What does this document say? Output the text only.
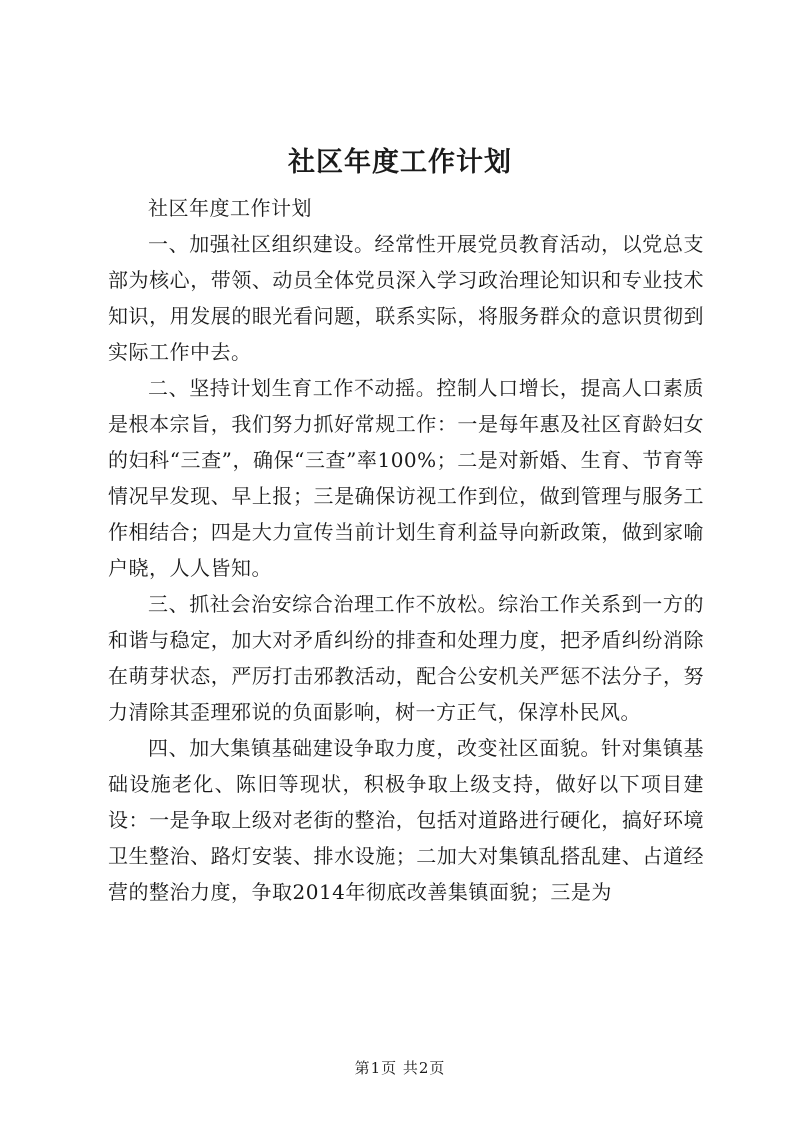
社区年度工作计划

社区年度工作计划

一、加强社区组织建设。经常性开展党员教育活动，以党总支部为核心，带领、动员全体党员深入学习政治理论知识和专业技术知识，用发展的眼光看问题，联系实际，将服务群众的意识贯彻到实际工作中去。

二、坚持计划生育工作不动摇。控制人口增长，提高人口素质是根本宗旨，我们努力抓好常规工作：一是每年惠及社区育龄妇女的妇科“三查”，确保“三查”率100%；二是对新婚、生育、节育等情况早发现、早上报；三是确保访视工作到位，做到管理与服务工作相结合；四是大力宣传当前计划生育利益导向新政策，做到家喻户晓，人人皆知。

三、抓社会治安综合治理工作不放松。综治工作关系到一方的和谐与稳定，加大对矛盾纠纷的排查和处理力度，把矛盾纠纷消除在萌芽状态，严厉打击邪教活动，配合公安机关严惩不法分子，努力清除其歪理邪说的负面影响，树一方正气，保淳朴民风。

四、加大集镇基础建设争取力度，改变社区面貌。针对集镇基础设施老化、陈旧等现状，积极争取上级支持，做好以下项目建设：一是争取上级对老街的整治，包括对道路进行硬化，搞好环境卫生整治、路灯安装、排水设施；二加大对集镇乱搭乱建、占道经营的整治力度，争取2014年彻底改善集镇面貌；三是为

第1页 共2页
